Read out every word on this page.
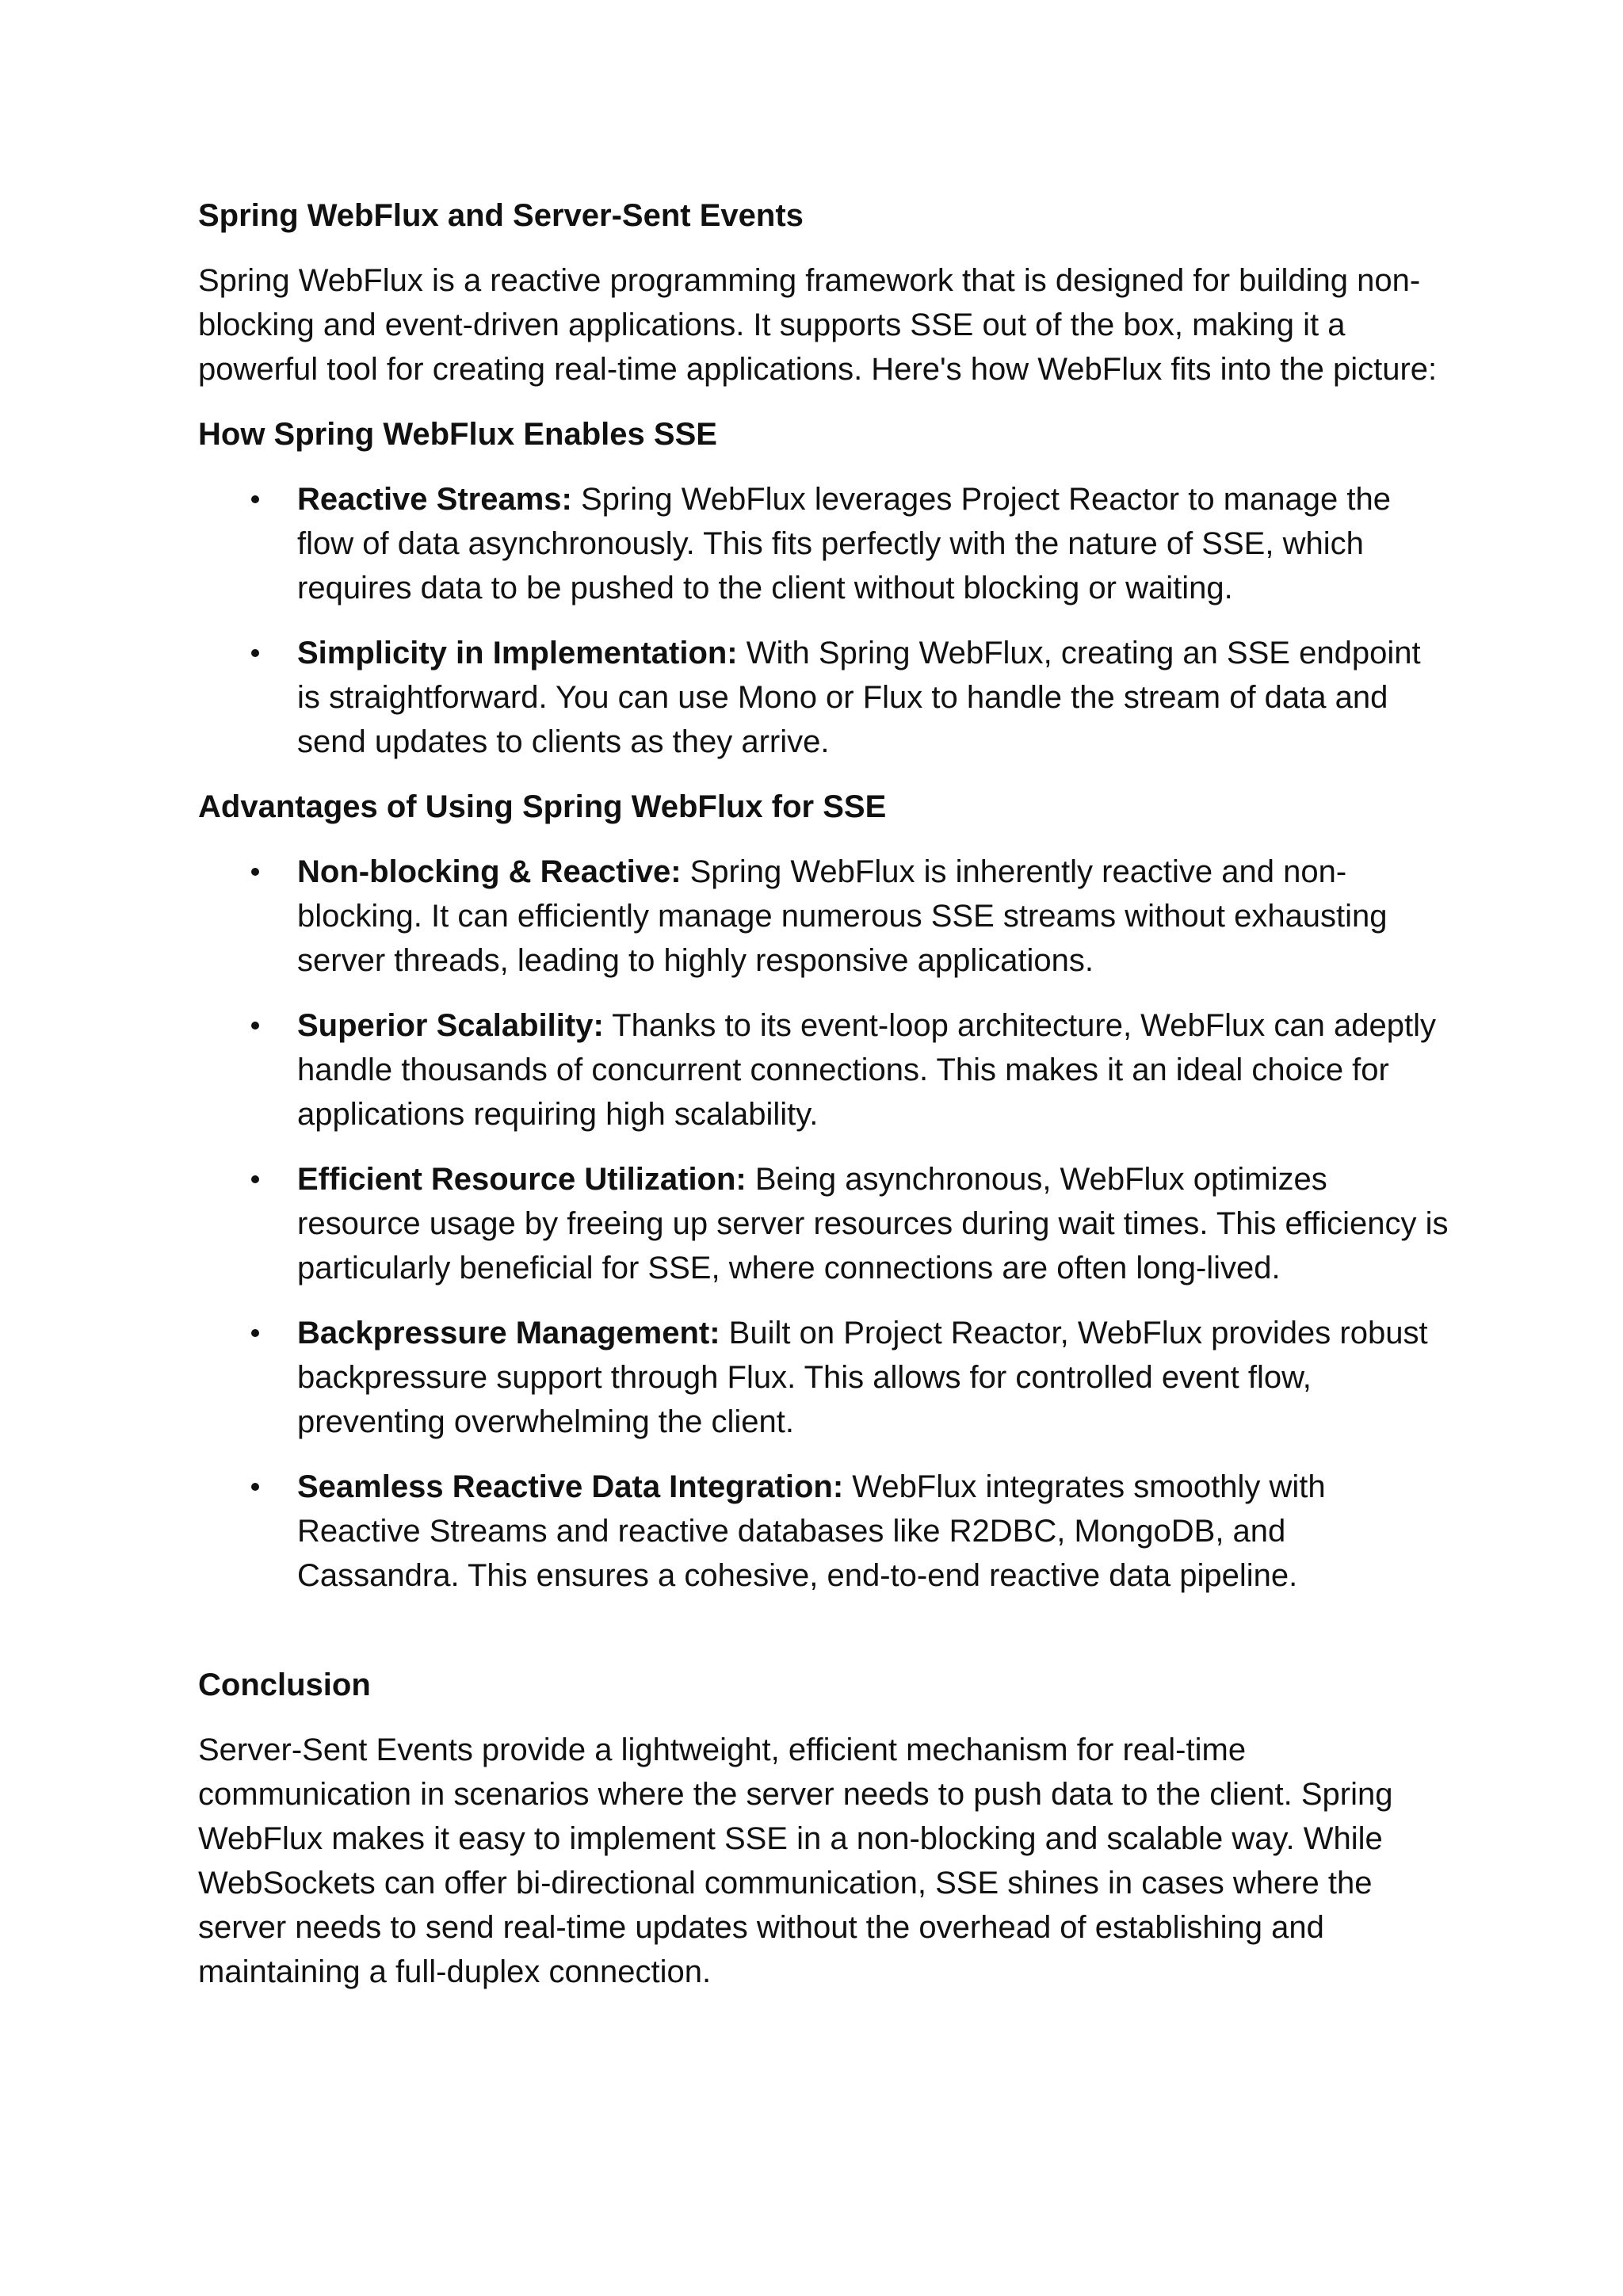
Spring WebFlux and Server-Sent Events
Spring WebFlux is a reactive programming framework that is designed for building non-blocking and event-driven applications. It supports SSE out of the box, making it a powerful tool for creating real-time applications. Here's how WebFlux fits into the picture:
How Spring WebFlux Enables SSE
Reactive Streams: Spring WebFlux leverages Project Reactor to manage the flow of data asynchronously. This fits perfectly with the nature of SSE, which requires data to be pushed to the client without blocking or waiting.
Simplicity in Implementation: With Spring WebFlux, creating an SSE endpoint is straightforward. You can use Mono or Flux to handle the stream of data and send updates to clients as they arrive.
Advantages of Using Spring WebFlux for SSE
Non-blocking & Reactive: Spring WebFlux is inherently reactive and non-blocking. It can efficiently manage numerous SSE streams without exhausting server threads, leading to highly responsive applications.
Superior Scalability: Thanks to its event-loop architecture, WebFlux can adeptly handle thousands of concurrent connections. This makes it an ideal choice for applications requiring high scalability.
Efficient Resource Utilization: Being asynchronous, WebFlux optimizes resource usage by freeing up server resources during wait times. This efficiency is particularly beneficial for SSE, where connections are often long-lived.
Backpressure Management: Built on Project Reactor, WebFlux provides robust backpressure support through Flux. This allows for controlled event flow, preventing overwhelming the client.
Seamless Reactive Data Integration: WebFlux integrates smoothly with Reactive Streams and reactive databases like R2DBC, MongoDB, and Cassandra. This ensures a cohesive, end-to-end reactive data pipeline.
Conclusion
Server-Sent Events provide a lightweight, efficient mechanism for real-time communication in scenarios where the server needs to push data to the client. Spring WebFlux makes it easy to implement SSE in a non-blocking and scalable way. While WebSockets can offer bi-directional communication, SSE shines in cases where the server needs to send real-time updates without the overhead of establishing and maintaining a full-duplex connection.
